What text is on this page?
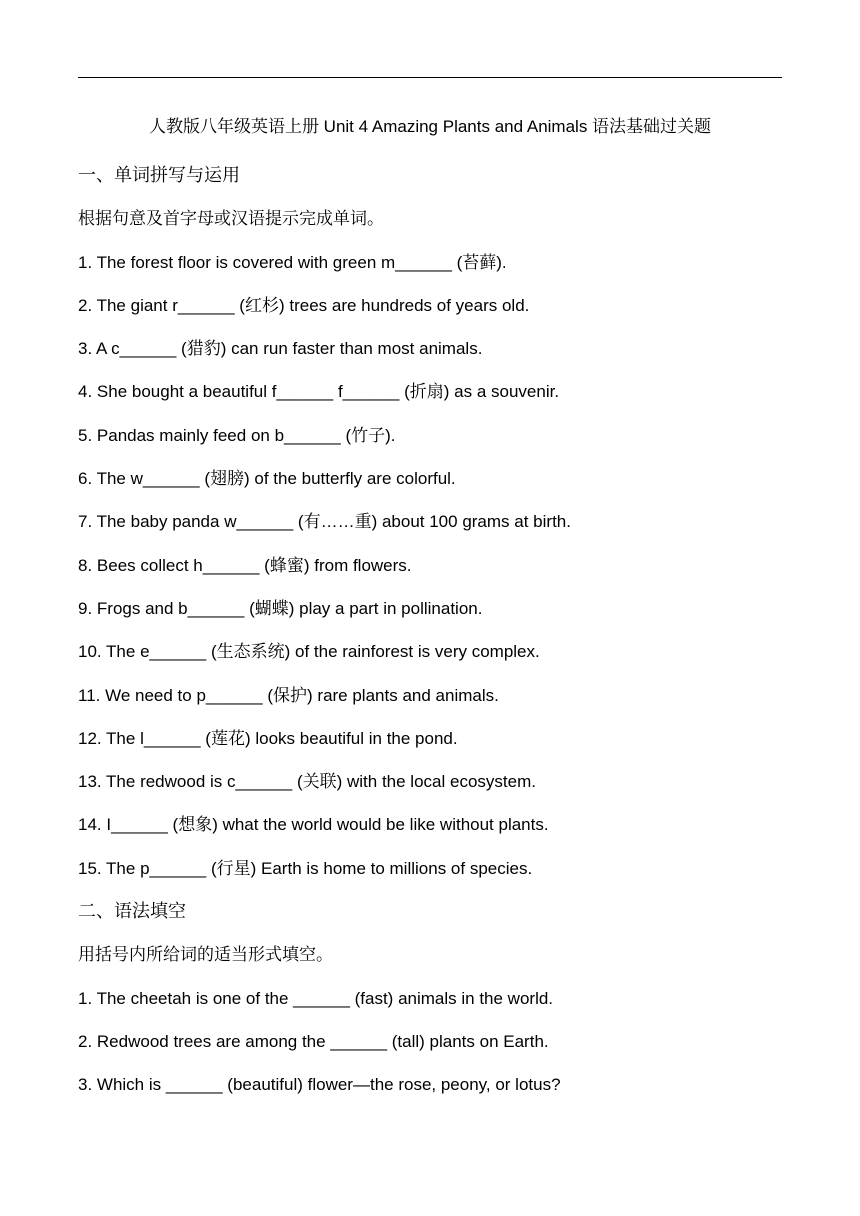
人教版八年级英语上册 Unit 4 Amazing Plants and Animals 语法基础过关题
一、单词拼写与运用
根据句意及首字母或汉语提示完成单词。
1. The forest floor is covered with green m______ (苔藓).
2. The giant r______ (红杉) trees are hundreds of years old.
3. A c______ (猎豹) can run faster than most animals.
4. She bought a beautiful f______ f______ (折扇) as a souvenir.
5. Pandas mainly feed on b______ (竹子).
6. The w______ (翅膀) of the butterfly are colorful.
7. The baby panda w______ (有……重) about 100 grams at birth.
8. Bees collect h______ (蜂蜜) from flowers.
9. Frogs and b______ (蝴蝶) play a part in pollination.
10. The e______ (生态系统) of the rainforest is very complex.
11. We need to p______ (保护) rare plants and animals.
12. The l______ (莲花) looks beautiful in the pond.
13. The redwood is c______ (关联) with the local ecosystem.
14. I______ (想象) what the world would be like without plants.
15. The p______ (行星) Earth is home to millions of species.
二、语法填空
用括号内所给词的适当形式填空。
1. The cheetah is one of the ______ (fast) animals in the world.
2. Redwood trees are among the ______ (tall) plants on Earth.
3. Which is ______ (beautiful) flower—the rose, peony, or lotus?
